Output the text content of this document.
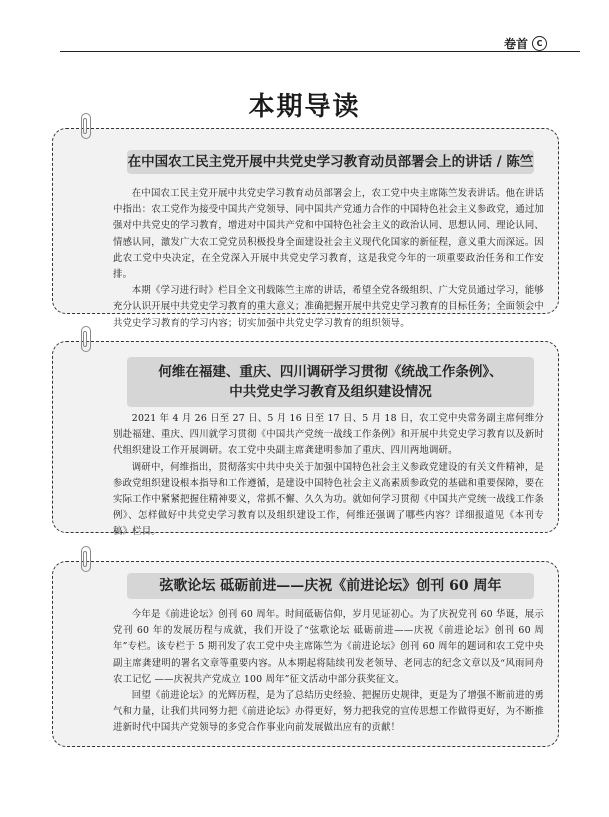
卷首	C
本期导读
在中国农工民主党开展中共党史学习教育动员部署会上的讲话 / 陈竺

在中国农工民主党开展中共党史学习教育动员部署会上，农工党中央主席陈竺发表讲话。他在讲话中指出：农工党作为接受中国共产党领导、同中国共产党通力合作的中国特色社会主义参政党，通过加强对中共党史的学习教育，增进对中国共产党和中国特色社会主义的政治认同、思想认同、理论认同、情感认同，激发广大农工党党员积极投身全面建设社会主义现代化国家的新征程，意义重大而深远。因此农工党中央决定，在全党深入开展中共党史学习教育，这是我党今年的一项重要政治任务和工作安排。

本期《学习进行时》栏目全文刊载陈竺主席的讲话，希望全党各级组织、广大党员通过学习，能够充分认识开展中共党史学习教育的重大意义；准确把握开展中共党史学习教育的目标任务；全面领会中共党史学习教育的学习内容；切实加强中共党史学习教育的组织领导。

何维在福建、重庆、四川调研学习贯彻《统战工作条例》、
中共党史学习教育及组织建设情况

2021 年 4 月 26 日至 27 日、5 月 16 日至 17 日、5 月 18 日，农工党中央常务副主席何维分别赴福建、重庆、四川就学习贯彻《中国共产党统一战线工作条例》和开展中共党史学习教育以及新时代组织建设工作开展调研。农工党中央副主席龚建明参加了重庆、四川两地调研。

调研中，何维指出，贯彻落实中共中央关于加强中国特色社会主义参政党建设的有关文件精神，是参政党组织建设根本指导和工作遵循，是建设中国特色社会主义高素质参政党的基础和重要保障，要在实际工作中紧紧把握住精神要义，常抓不懈、久久为功。就如何学习贯彻《中国共产党统一战线工作条例》、怎样做好中共党史学习教育以及组织建设工作，何维还强调了哪些内容？详细报道见《本刊专稿》栏目。

弦歌论坛 砥砺前进——庆祝《前进论坛》创刊 60 周年

今年是《前进论坛》创刊 60 周年。时间砥砺信仰，岁月见证初心。为了庆祝党刊 60 华诞，展示党刊 60 年的发展历程与成就，我们开设了“弦歌论坛 砥砺前进——庆祝《前进论坛》创刊 60 周年”专栏。该专栏于 5 期刊发了农工党中央主席陈竺为《前进论坛》创刊 60 周年的题词和农工党中央副主席龚建明的署名文章等重要内容。从本期起将陆续刊发老领导、老同志的纪念文章以及“风雨同舟 农工记忆 ——庆祝共产党成立 100 周年”征文活动中部分获奖征文。

回望《前进论坛》的光辉历程，是为了总结历史经验、把握历史规律，更是为了增强不断前进的勇气和力量，让我们共同努力把《前进论坛》办得更好，努力把我党的宣传思想工作做得更好，为不断推进新时代中国共产党领导的多党合作事业向前发展做出应有的贡献！
